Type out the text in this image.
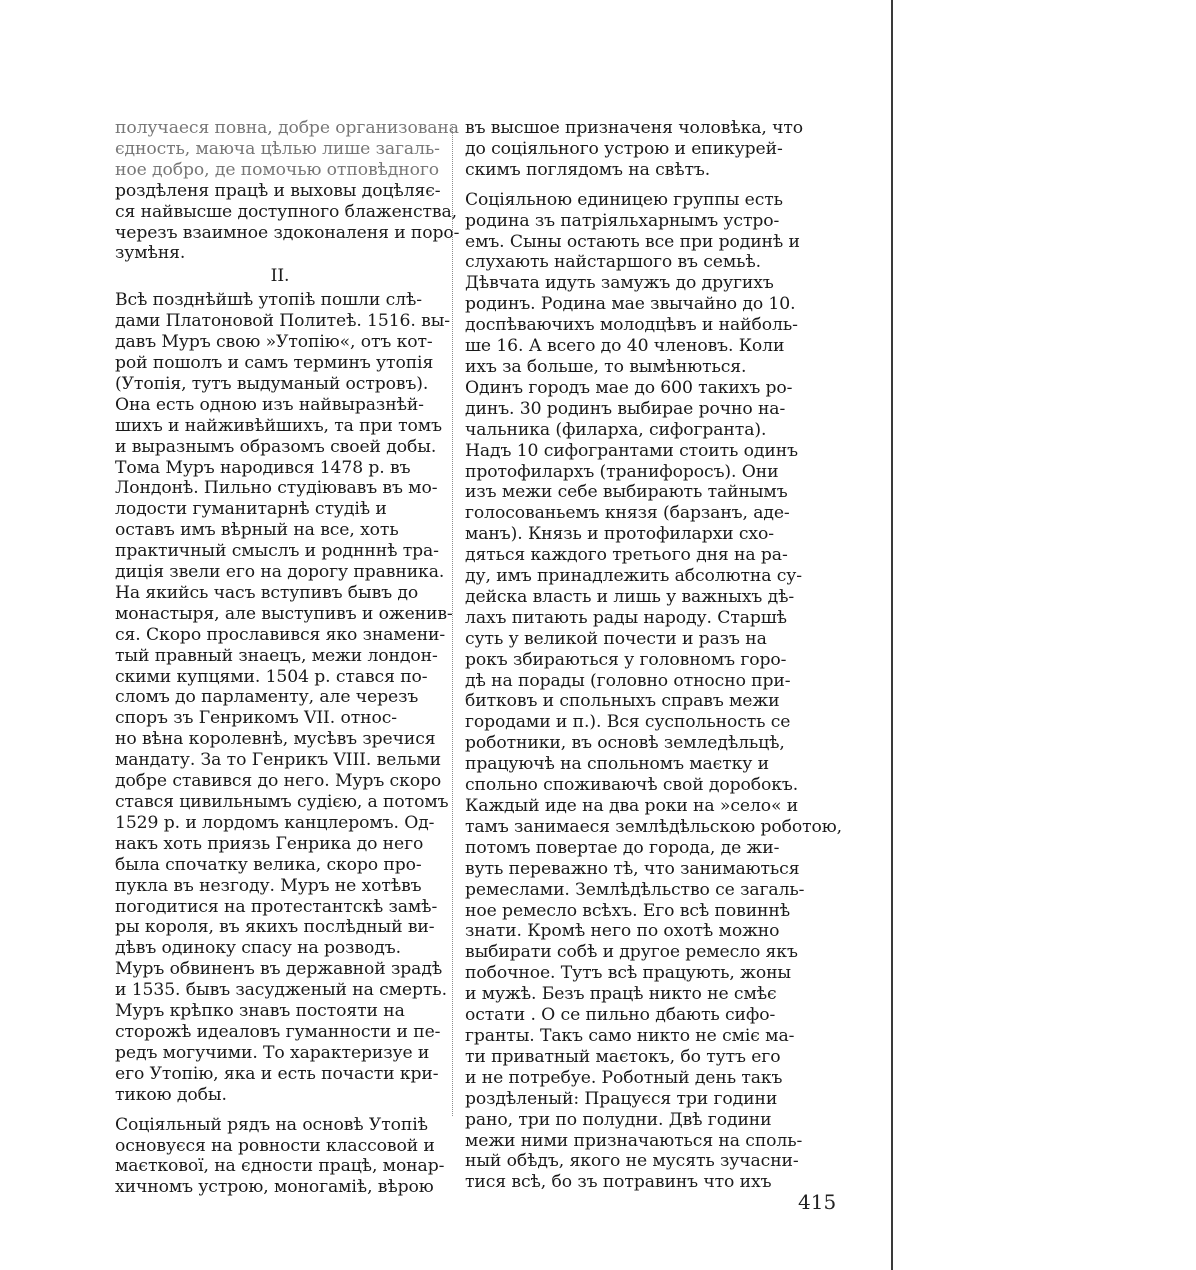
получаеся повна, добре организована
єдность, маюча цѣлью лише загаль-
ное добро, де помочью отповѣдного
роздѣленя працѣ и выховы доцѣляє-
ся найвысше доступного блаженства,
черезъ взаимное здоконаленя и поро-
зумѣня.
II.
Всѣ позднѣйшѣ утопіѣ пошли слѣ-
дами Платоновой Политеѣ. 1516. вы-
давъ Муръ свою »Утопію«, отъ кот-
рой пошолъ и самъ терминъ утопія
(Утопія, тутъ выдуманый островъ).
Она есть одною изъ найвыразнѣй-
шихъ и найживѣйшихъ, та при томъ
и выразнымъ образомъ своей добы.
Тома Муръ народився 1478 р. въ
Лондонѣ. Пильно студіювавъ въ мо-
лодости гуманитарнѣ студіѣ и
оставъ имъ вѣрный на все, хоть
практичный смыслъ и роднннѣ тра-
диція звели его на дорогу правника.
На якийсь часъ вступивъ бывъ до
монастыря, але выступивъ и оженив-
ся. Скоро прославився яко знамени-
тый правный знаецъ, межи лондон-
скими купцями. 1504 р. стався по-
сломъ до парламенту, але черезъ
споръ зъ Генрикомъ VII. относ-
но вѣна королевнѣ, мусѣвъ зречися
мандату. За то Генрикъ VIII. вельми
добре ставився до него. Муръ скоро
стався цивильнымъ судією, а потомъ
1529 р. и лордомъ канцлеромъ. Од-
накъ хоть приязь Генрика до него
была спочатку велика, скоро про-
пукла въ незгоду. Муръ не хотѣвъ
погодитися на протестантскѣ замѣ-
ры короля, въ якихъ послѣдный ви-
дѣвъ одиноку спасу на розводъ.
Муръ обвиненъ въ державной зрадѣ
и 1535. бывъ засудженый на смерть.
Муръ крѣпко знавъ постояти на
сторожѣ идеаловъ гуманности и пе-
редъ могучими. То характеризуе и
его Утопію, яка и есть почасти кри-
тикою добы.
Соціяльный рядъ на основѣ Утопіѣ
основуєся на ровности классовой и
маєткової, на єдности працѣ, монар-
хичномъ устрою, моногаміѣ, вѣрою
въ высшое призначеня чоловѣка, что
до соціяльного устрою и епикурей-
скимъ поглядомъ на свѣтъ.
Соціяльною единицею группы есть
родина зъ патріяльхарнымъ устро-
емъ. Сыны остають все при родинѣ и
слухають найстаршого въ семьѣ.
Дѣвчата идуть замужъ до другихъ
родинъ. Родина мае звычайно до 10.
доспѣваючихъ молодцѣвъ и найболь-
ше 16. А всего до 40 членовъ. Коли
ихъ за больше, то вымѣнються.
Одинъ городъ мае до 600 такихъ ро-
динъ. 30 родинъ выбирае рочно на-
чальника (филарха, сифогранта).
Надъ 10 сифогрантами стоить одинъ
протофилархъ (транифоросъ). Они
изъ межи себе выбирають тайнымъ
голосованьемъ князя (барзанъ, аде-
манъ). Князь и протофилархи схо-
дяться каждого третього дня на ра-
ду, имъ принадлежить абсолютна су-
дейска власть и лишь у важныхъ дѣ-
лахъ питають рады народу. Старшѣ
суть у великой почести и разъ на
рокъ збираються у головномъ горо-
дѣ на порады (головно относно при-
битковъ и спольныхъ справъ межи
городами и п.). Вся суспольность се
роботники, въ основѣ земледѣльцѣ,
працуючѣ на спольномъ маєтку и
спольно споживаючѣ свой доробокъ.
Каждый иде на два роки на »село« и
тамъ занимаеся землѣдѣльскою роботою,
потомъ повертае до города, де жи-
вуть переважно тѣ, что занимаються
ремеслами. Землѣдѣльство се загаль-
ное ремесло всѣхъ. Его всѣ повиннѣ
знати. Кромѣ него по охотѣ можно
выбирати собѣ и другое ремесло якъ
побочное. Тутъ всѣ працують, жоны
и мужѣ. Безъ працѣ никто не смѣє
остати . О се пильно дбають сифо-
гранты. Такъ само никто не сміє ма-
ти приватный маєтокъ, бо тутъ его
и не потребуе. Роботный день такъ
роздѣленый: Працуєся три години
рано, три по полудни. Двѣ години
межи ними призначаються на споль-
ный обѣдъ, якого не мусять зучасни-
тися всѣ, бо зъ потравинъ что ихъ
415
